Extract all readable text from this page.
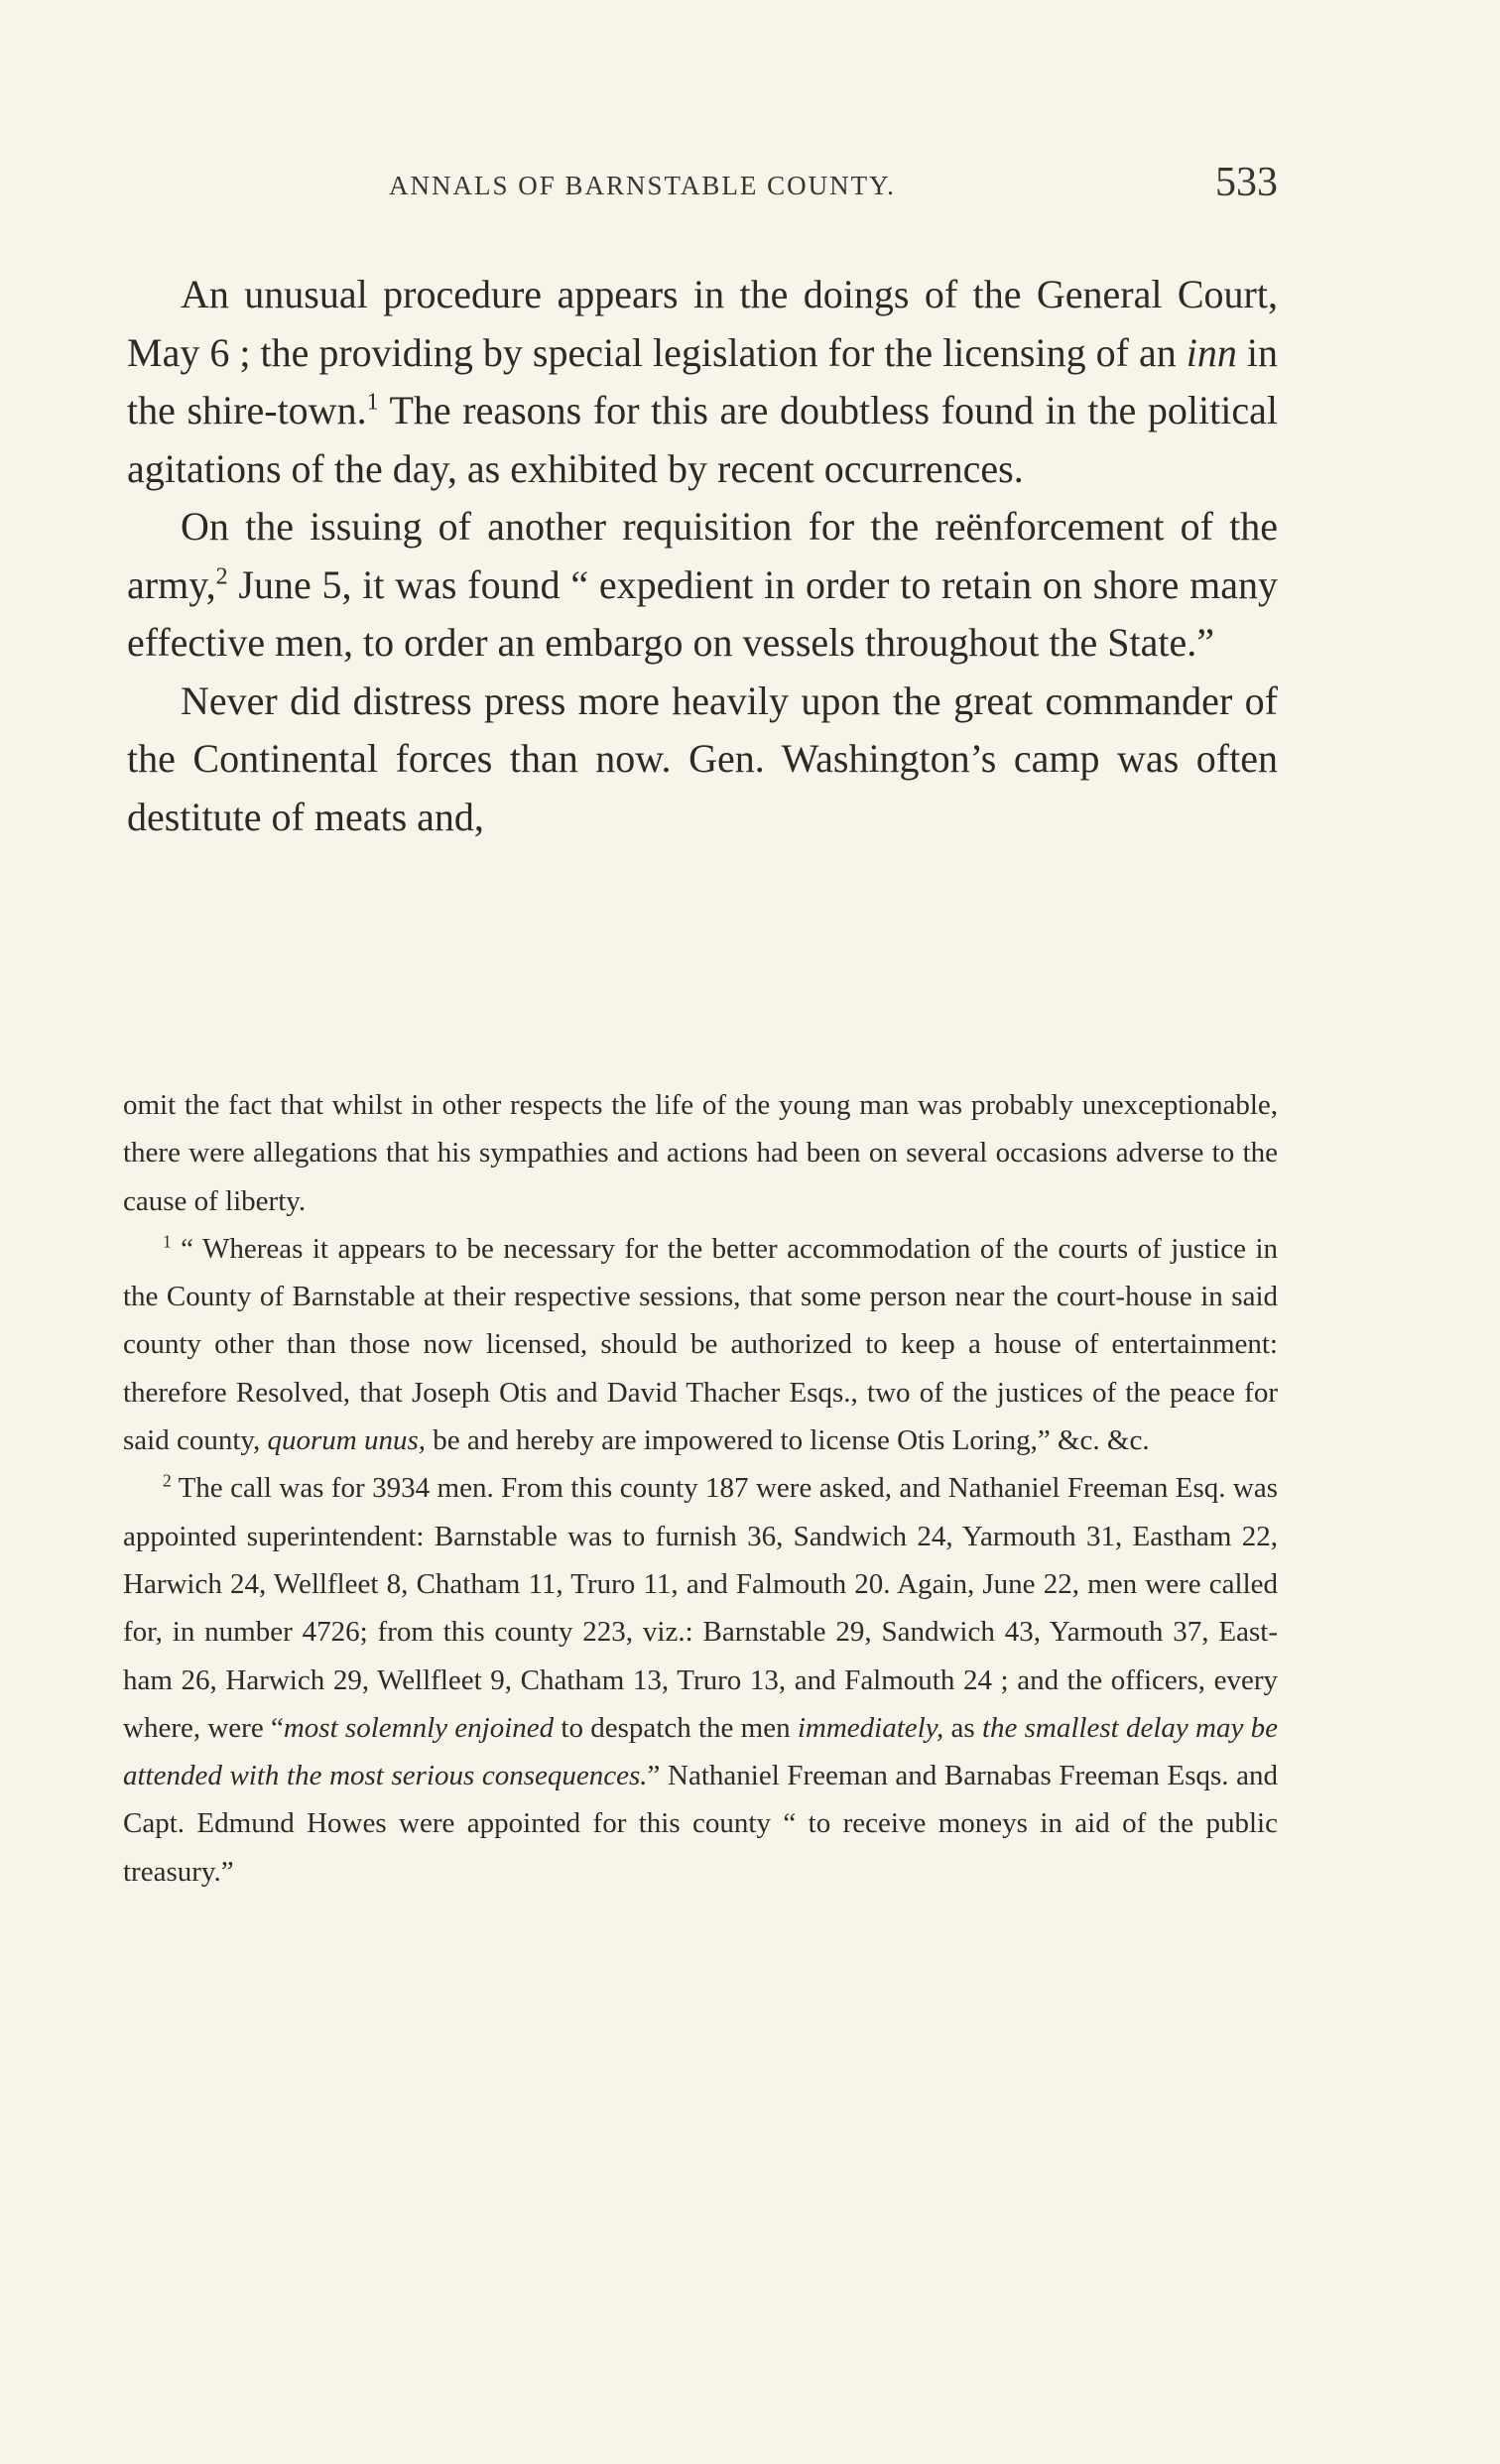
ANNALS OF BARNSTABLE COUNTY.	533

An unusual procedure appears in the doings of the General Court, May 6 ; the providing by special legislation for the licensing of an inn in the shire-town.$^1$ The reasons for this are doubtless found in the political agitations of the day, as exhibited by recent occurrences.

On the issuing of another requisition for the reënforcement of the army,$^2$ June 5, it was found “ expedient in order to retain on shore many effective men, to order an embargo on vessels throughout the State.”

Never did distress press more heavily upon the great commander of the Continental forces than now. Gen. Washington’s camp was often destitute of meats and,

omit the fact that whilst in other respects the life of the young man was probably unexceptionable, there were allegations that his sympathies and actions had been on several occasions adverse to the cause of liberty.

$^1$ “ Whereas it appears to be necessary for the better accommodation of the courts of justice in the County of Barnstable at their respective sessions, that some person near the court-house in said county other than those now licensed, should be authorized to keep a house of entertainment: therefore Resolved, that Joseph Otis and David Thacher Esqs., two of the justices of the peace for said county, quorum unus, be and hereby are impowered to license Otis Loring,” &c. &c.

$^2$ The call was for 3934 men. From this county 187 were asked, and Nathaniel Freeman Esq. was appointed superintendent: Barnstable was to furnish 36, Sandwich 24, Yarmouth 31, Eastham 22, Harwich 24, Wellfleet 8, Chatham 11, Truro 11, and Falmouth 20. Again, June 22, men were called for, in number 4726; from this county 223, viz.: Barnstable 29, Sandwich 43, Yarmouth 37, Eastham 26, Harwich 29, Wellfleet 9, Chatham 13, Truro 13, and Falmouth 24 ; and the officers, every where, were “most solemnly enjoined to despatch the men immediately, as the smallest delay may be attended with the most serious consequences.” Nathaniel Freeman and Barnabas Freeman Esqs. and Capt. Edmund Howes were appointed for this county “ to receive moneys in aid of the public treasury.”
